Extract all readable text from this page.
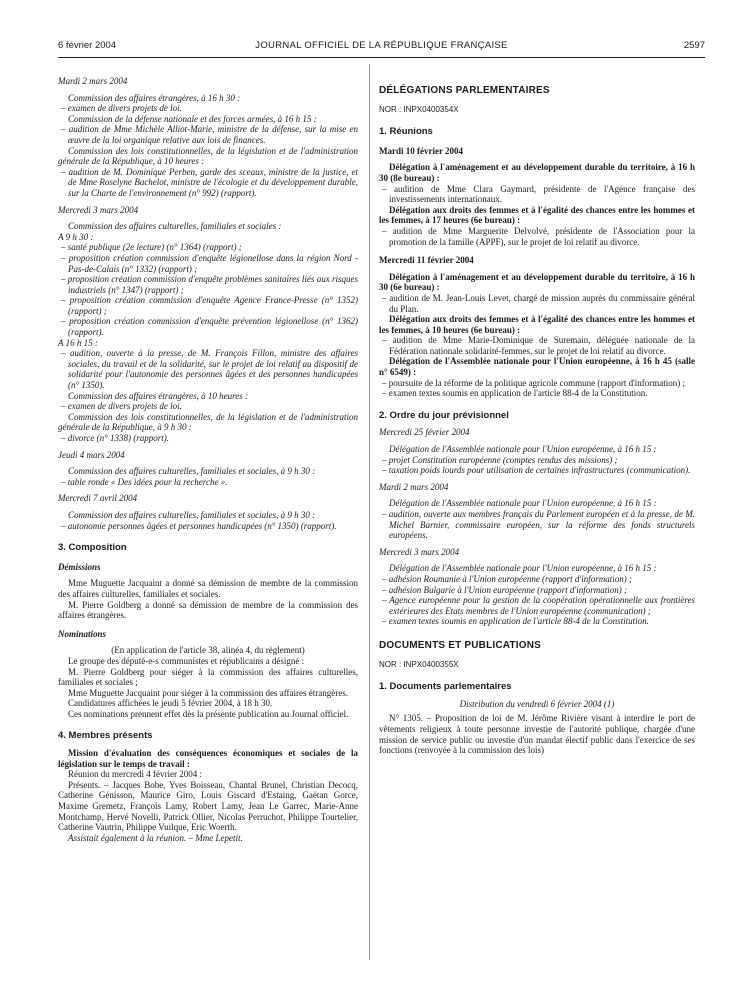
6 février 2004	JOURNAL OFFICIEL DE LA RÉPUBLIQUE FRANÇAISE	2597

Mardi 2 mars 2004

Commission des affaires étrangères, à 16 h 30 :

– examen de divers projets de loi.

Commission de la défense nationale et des forces armées, à 16 h 15 :

– audition de Mme Michèle Alliot-Marie, ministre de la défense, sur la mise en œuvre de la loi organique relative aux lois de finances.

Commission des lois constitutionnelles, de la législation et de l'administration générale de la République, à 10 heures :

– audition de M. Dominique Perben, garde des sceaux, ministre de la justice, et de Mme Roselyne Bachelot, ministre de l'écologie et du développement durable, sur la Charte de l'environnement (n° 992) (rapport).

Mercredi 3 mars 2004

Commission des affaires culturelles, familiales et sociales :

A 9 h 30 :

– santé publique (2e lecture) (n° 1364) (rapport) ;

– proposition création commission d'enquête légionellose dans la région Nord - Pas-de-Calais (n° 1332) (rapport) ;

– proposition création commission d'enquête problèmes sanitaires liés aux risques industriels (n° 1347) (rapport) ;

– proposition création commission d'enquête Agence France-Presse (n° 1352) (rapport) ;

– proposition création commission d'enquête prévention légionellose (n° 1362) (rapport).

A 16 h 15 :

– audition, ouverte à la presse, de M. François Fillon, ministre des affaires sociales, du travail et de la solidarité, sur le projet de loi relatif au dispositif de solidarité pour l'autonomie des personnes âgées et des personnes handicapées (n° 1350).

Commission des affaires étrangères, à 10 heures :

– examen de divers projets de loi.

Commission des lois constitutionnelles, de la législation et de l'administration générale de la République, à 9 h 30 :

– divorce (n° 1338) (rapport).

Jeudi 4 mars 2004

Commission des affaires culturelles, familiales et sociales, à 9 h 30 :

– table ronde « Des idées pour la recherche ».

Mercredi 7 avril 2004

Commission des affaires culturelles, familiales et sociales, à 9 h 30 :

– autonomie personnes âgées et personnes handicapées (n° 1350) (rapport).

3. Composition

Démissions

Mme Muguette Jacquaint a donné sa démission de membre de la commission des affaires culturelles, familiales et sociales.

M. Pierre Goldberg a donné sa démission de membre de la commission des affaires étrangères.

Nominations

(En application de l'article 38, alinéa 4, du règlement)

Le groupe des député-e-s communistes et républicains a désigné :

M. Pierre Goldberg pour siéger à la commission des affaires culturelles, familiales et sociales ;

Mme Muguette Jacquaint pour siéger à la commission des affaires étrangères.

Candidatures affichées le jeudi 5 février 2004, à 18 h 30.

Ces nominations prennent effet dès la présente publication au Journal officiel.

4. Membres présents

Mission d'évaluation des conséquences économiques et sociales de la législation sur le temps de travail :

Réunion du mercredi 4 février 2004 :

Présents. – Jacques Bobe, Yves Boisseau, Chantal Brunel, Christian Decocq, Catherine Génisson, Maurice Giro, Louis Giscard d'Estaing, Gaëtan Gorce, Maxime Gremetz, François Lamy, Robert Lamy, Jean Le Garrec, Marie-Anne Montchamp, Hervé Novelli, Patrick Ollier, Nicolas Perruchot, Philippe Tourtelier, Catherine Vautrin, Philippe Vuilque, Eric Woerth.

Assistait également à la réunion. – Mme Lepetit.

DÉLÉGATIONS PARLEMENTAIRES

NOR : INPX0400354X

1. Réunions

Mardi 10 février 2004

Délégation à l'aménagement et au développement durable du territoire, à 16 h 30 (8e bureau) :

– audition de Mme Clara Gaymard, présidente de l'Agence française des investissements internationaux.

Délégation aux droits des femmes et à l'égalité des chances entre les hommes et les femmes, à 17 heures (6e bureau) :

– audition de Mme Marguerite Delvolvé, présidente de l'Association pour la promotion de la famille (APPF), sur le projet de loi relatif au divorce.

Mercredi 11 février 2004

Délégation à l'aménagement et au développement durable du territoire, à 16 h 30 (6e bureau) :

– audition de M. Jean-Louis Levet, chargé de mission auprès du commissaire général du Plan.

Délégation aux droits des femmes et à l'égalité des chances entre les hommes et les femmes, à 10 heures (6e bureau) :

– audition de Mme Marie-Dominique de Suremain, déléguée nationale de la Fédération nationale solidarité-femmes, sur le projet de loi relatif au divorce.

Délégation de l'Assemblée nationale pour l'Union européenne, à 16 h 45 (salle n° 6549) :

– poursuite de la réforme de la politique agricole commune (rapport d'information) ;

– examen textes soumis en application de l'article 88-4 de la Constitution.

2. Ordre du jour prévisionnel

Mercredi 25 février 2004

Délégation de l'Assemblée nationale pour l'Union européenne, à 16 h 15 :

– projet Constitution européenne (comptes rendus des missions) ;

– taxation poids lourds pour utilisation de certaines infrastructures (communication).

Mardi 2 mars 2004

Délégation de l'Assemblée nationale pour l'Union européenne, à 16 h 15 :

– audition, ouverte aux membres français du Parlement européen et à la presse, de M. Michel Barnier, commissaire européen, sur la réforme des fonds structurels européens.

Mercredi 3 mars 2004

Délégation de l'Assemblée nationale pour l'Union européenne, à 16 h 15 :

– adhésion Roumanie à l'Union européenne (rapport d'information) ;

– adhésion Bulgarie à l'Union européenne (rapport d'information) ;

– Agence européenne pour la gestion de la coopération opérationnelle aux frontières extérieures des Etats membres de l'Union européenne (communication) ;

– examen textes soumis en application de l'article 88-4 de la Constitution.

DOCUMENTS ET PUBLICATIONS

NOR : INPX0400355X

1. Documents parlementaires

Distribution du vendredi 6 février 2004 (1)

N° 1305. – Proposition de loi de M. Jérôme Rivière visant à interdire le port de vêtements religieux à toute personne investie de l'autorité publique, chargée d'une mission de service public ou investie d'un mandat électif public dans l'exercice de ses fonctions (renvoyée à la commission des lois)
